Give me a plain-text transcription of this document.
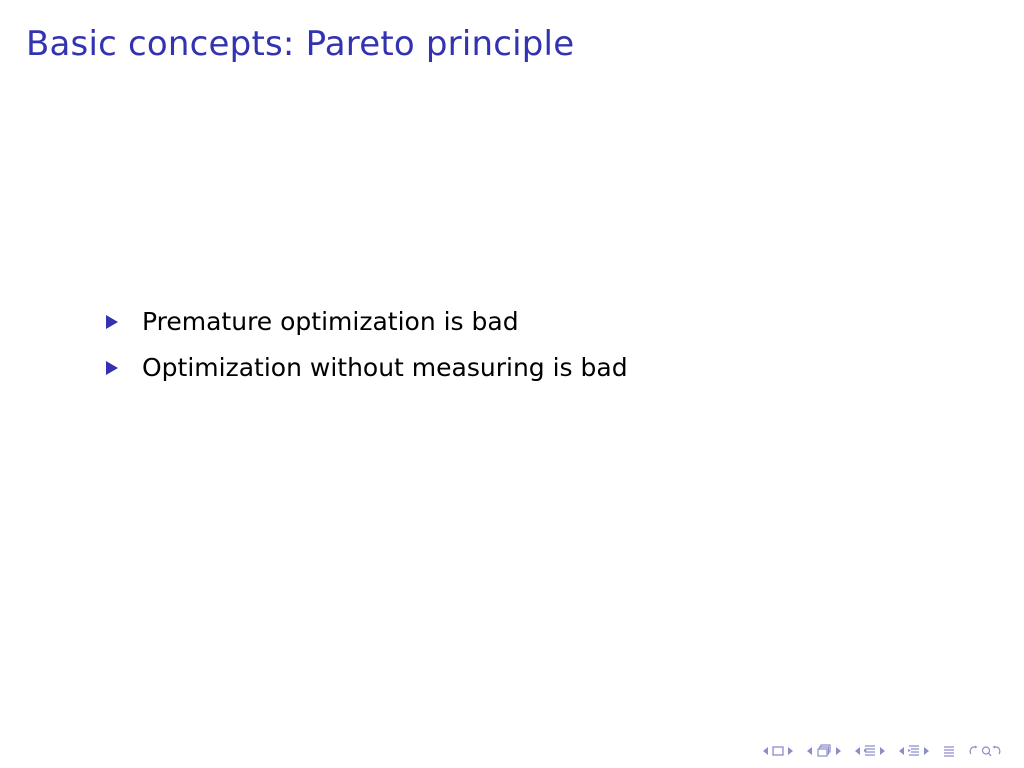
Basic concepts: Pareto principle
Premature optimization is bad
Optimization without measuring is bad
